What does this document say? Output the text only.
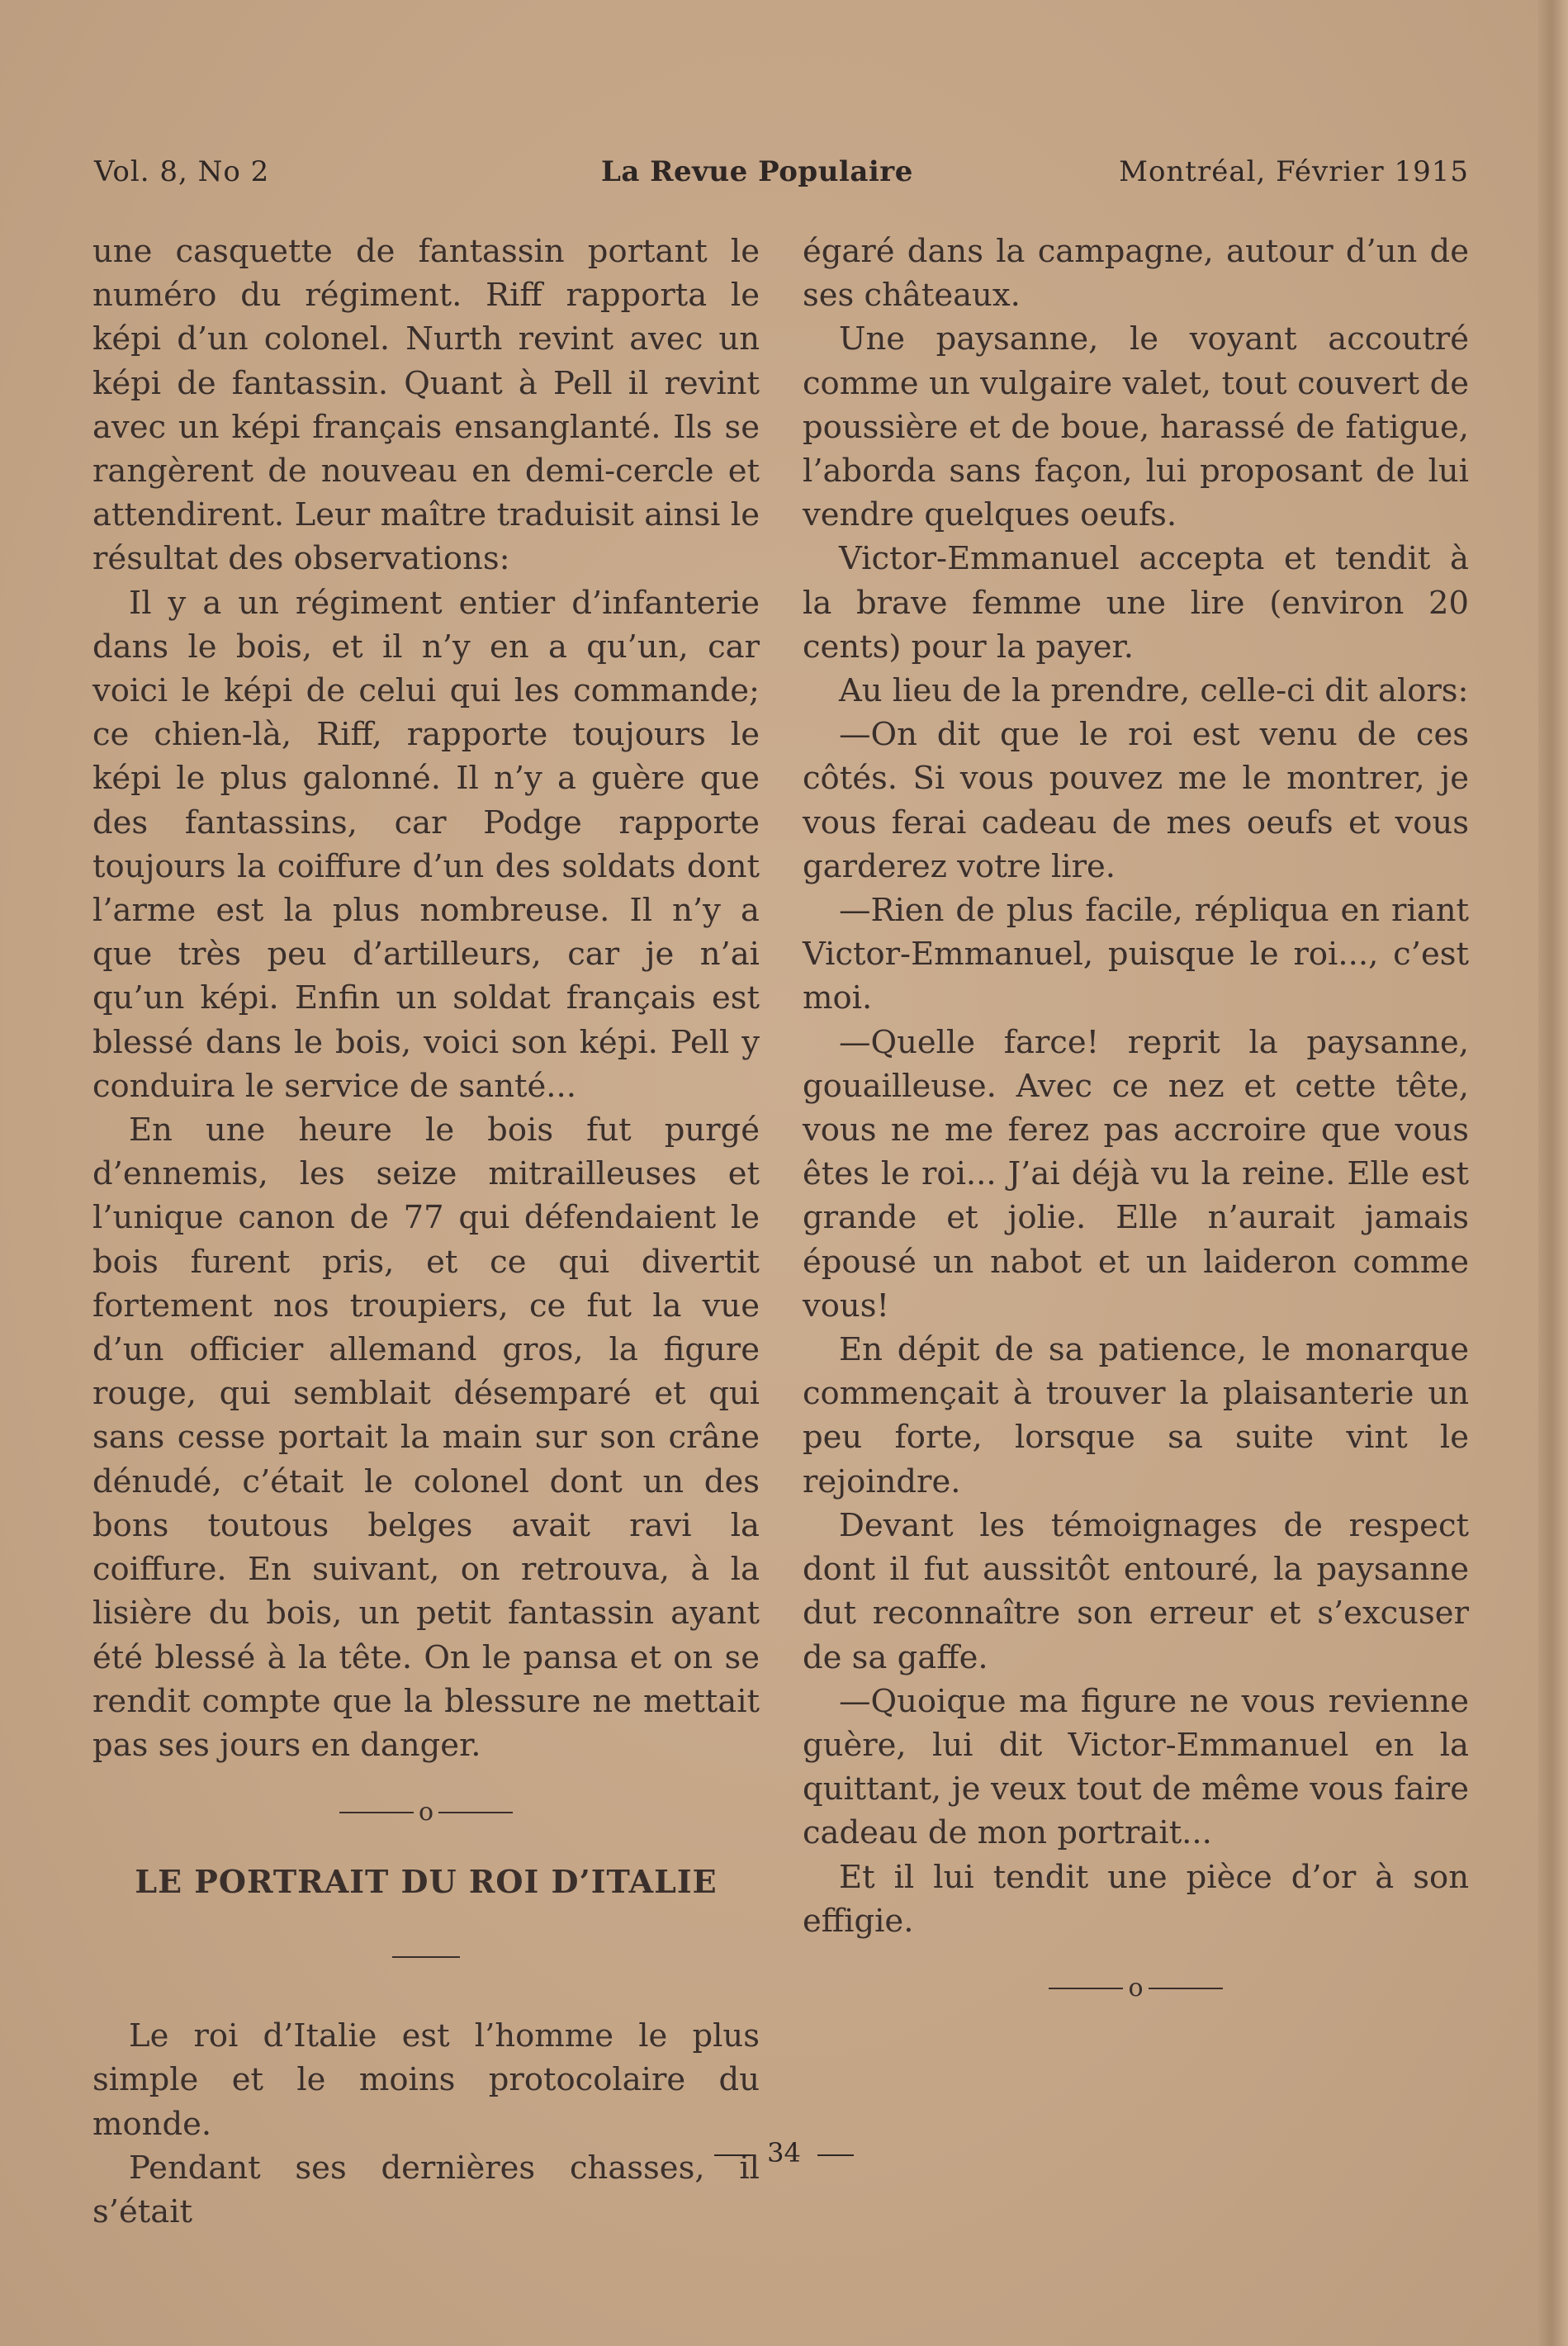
Vol. 8, No 2	La Revue Populaire	Montréal, Février 1915

une casquette de fantassin portant le numéro du régiment. Riff rapporta le képi d’un colonel. Nurth revint avec un képi de fantassin. Quant à Pell il revint avec un képi français ensanglanté. Ils se rangèrent de nouveau en demi-cercle et attendirent. Leur maître traduisit ainsi le résultat des observations:

Il y a un régiment entier d’infanterie dans le bois, et il n’y en a qu’un, car voici le képi de celui qui les commande; ce chien-là, Riff, rapporte toujours le képi le plus galonné. Il n’y a guère que des fantassins, car Podge rapporte toujours la coiffure d’un des soldats dont l’arme est la plus nombreuse. Il n’y a que très peu d’artilleurs, car je n’ai qu’un képi. Enfin un soldat français est blessé dans le bois, voici son képi. Pell y conduira le service de santé...

En une heure le bois fut purgé d’ennemis, les seize mitrailleuses et l’unique canon de 77 qui défendaient le bois furent pris, et ce qui divertit fortement nos troupiers, ce fut la vue d’un officier allemand gros, la figure rouge, qui semblait désemparé et qui sans cesse portait la main sur son crâne dénudé, c’était le colonel dont un des bons toutous belges avait ravi la coiffure. En suivant, on retrouva, à la lisière du bois, un petit fantassin ayant été blessé à la tête. On le pansa et on se rendit compte que la blessure ne mettait pas ses jours en danger.

o
LE PORTRAIT DU ROI D’ITALIE

Le roi d’Italie est l’homme le plus simple et le moins protocolaire du monde.

Pendant ses dernières chasses, il s’était

égaré dans la campagne, autour d’un de ses châteaux.

Une paysanne, le voyant accoutré comme un vulgaire valet, tout couvert de poussière et de boue, harassé de fatigue, l’aborda sans façon, lui proposant de lui vendre quelques oeufs.

Victor-Emmanuel accepta et tendit à la brave femme une lire (environ 20 cents) pour la payer.

Au lieu de la prendre, celle-ci dit alors:

—On dit que le roi est venu de ces côtés. Si vous pouvez me le montrer, je vous ferai cadeau de mes oeufs et vous garderez votre lire.

—Rien de plus facile, répliqua en riant Victor-Emmanuel, puisque le roi..., c’est moi.

—Quelle farce! reprit la paysanne, gouailleuse. Avec ce nez et cette tête, vous ne me ferez pas accroire que vous êtes le roi... J’ai déjà vu la reine. Elle est grande et jolie. Elle n’aurait jamais épousé un nabot et un laideron comme vous!

En dépit de sa patience, le monarque commençait à trouver la plaisanterie un peu forte, lorsque sa suite vint le rejoindre.

Devant les témoignages de respect dont il fut aussitôt entouré, la paysanne dut reconnaître son erreur et s’excuser de sa gaffe.

—Quoique ma figure ne vous revienne guère, lui dit Victor-Emmanuel en la quittant, je veux tout de même vous faire cadeau de mon portrait...

Et il lui tendit une pièce d’or à son effigie.

o
34
